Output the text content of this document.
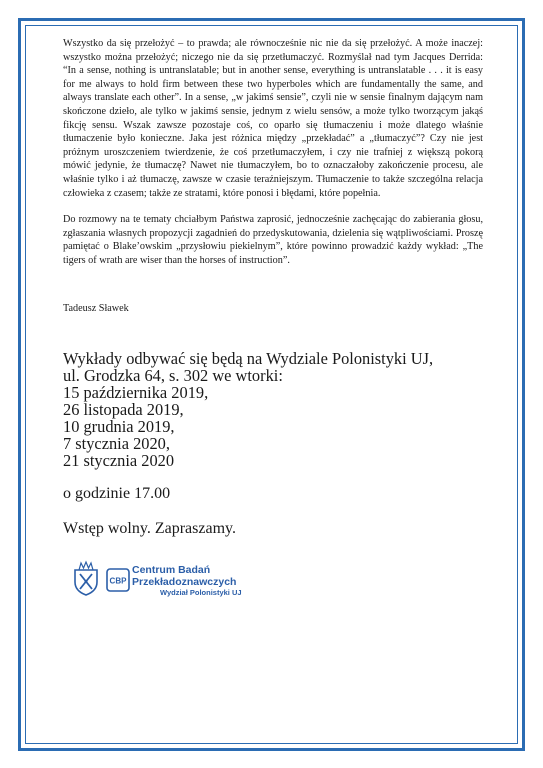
Wszystko da się przełożyć – to prawda; ale równocześnie nic nie da się przełożyć. A może inaczej: wszystko można przełożyć; niczego nie da się przetłumaczyć. Rozmyślał nad tym Jacques Derrida: “In a sense, nothing is untranslatable; but in another sense, everything is untranslatable . . . it is easy for me always to hold firm between these two hyperboles which are fundamentally the same, and always translate each other”. In a sense, „w jakimś sensie”, czyli nie w sensie finalnym dającym nam skończone dzieło, ale tylko w jakimś sensie, jednym z wielu sensów, a może tylko tworzącym jakąś fikcję sensu. Wszak zawsze pozostaje coś, co oparło się tłumaczeniu i może dlatego właśnie tłumaczenie było konieczne. Jaka jest różnica między „przekładać” a „tłumaczyć”? Czy nie jest próżnym uroszczeniem twierdzenie, że coś przetłumaczyłem, i czy nie trafniej z większą pokorą mówić jedynie, że tłumaczę? Nawet nie tłumaczyłem, bo to oznaczałoby zakończenie procesu, ale właśnie tylko i aż tłumaczę, zawsze w czasie teraźniejszym. Tłumaczenie to także szczególna relacja człowieka z czasem; także ze stratami, które ponosi i błędami, które popełnia.

Do rozmowy na te tematy chciałbym Państwa zaprosić, jednocześnie zachęcając do zabierania głosu, zgłaszania własnych propozycji zagadnień do przedyskutowania, dzielenia się wątpliwościami. Proszę pamiętać o Blake’owskim „przysłowiu piekielnym”, które powinno prowadzić każdy wykład: „The tigers of wrath are wiser than the horses of instruction”.

Tadeusz Sławek

Wykłady odbywać się będą na Wydziale Polonistyki UJ,
ul. Grodzka 64, s. 302 we wtorki:
15 października 2019,
26 listopada 2019,
10 grudnia 2019,
7 stycznia 2020,
21 stycznia 2020
o godzinie 17.00
Wstęp wolny. Zapraszamy.
CBP
Centrum Badań
Przekładoznawczych
Wydział Polonistyki UJ
